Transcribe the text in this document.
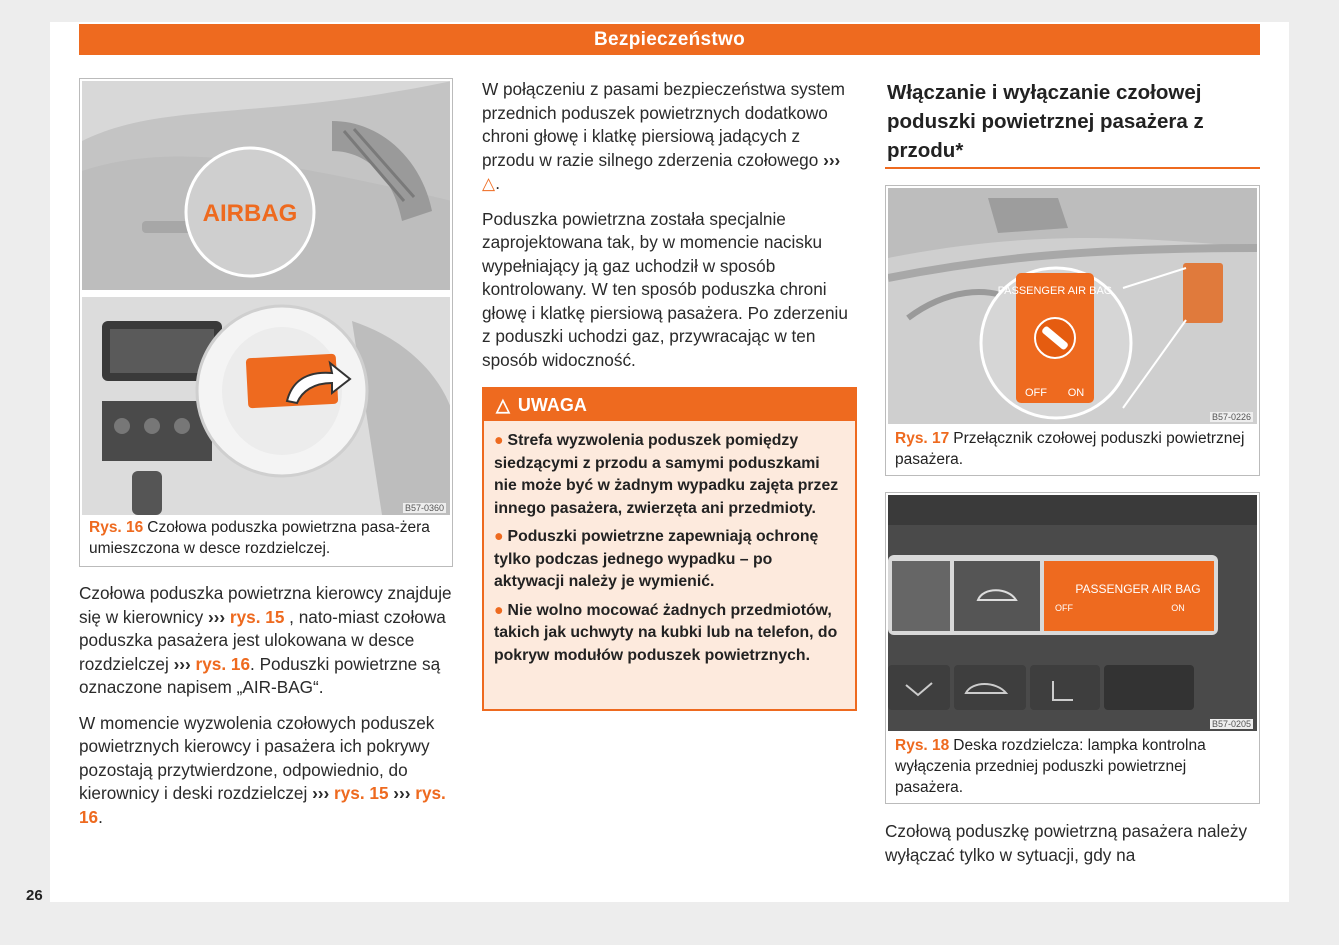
Bezpieczeństwo
AIRBAG
B57-0360
Rys. 16 Czołowa poduszka powietrzna pasa-żera umieszczona w desce rozdzielczej.

Czołowa poduszka powietrzna kierowcy znajduje się w kierownicy ››› rys. 15 , nato-miast czołowa poduszka pasażera jest ulokowana w desce rozdzielczej ››› rys. 16. Poduszki powietrzne są oznaczone napisem „AIR-BAG“.

W momencie wyzwolenia czołowych poduszek powietrznych kierowcy i pasażera ich pokrywy pozostają przytwierdzone, odpowiednio, do kierownicy i deski rozdzielczej ››› rys. 15 ››› rys. 16.

W połączeniu z pasami bezpieczeństwa system przednich poduszek powietrznych dodatkowo chroni głowę i klatkę piersiową jadących z przodu w razie silnego zderzenia czołowego ››› △.

Poduszka powietrzna została specjalnie zaprojektowana tak, by w momencie nacisku wypełniający ją gaz uchodził w sposób kontrolowany. W ten sposób poduszka chroni głowę i klatkę piersiową pasażera. Po zderzeniu z poduszki uchodzi gaz, przywracając w ten sposób widoczność.

△ UWAGA
● Strefa wyzwolenia poduszek pomiędzy siedzącymi z przodu a samymi poduszkami nie może być w żadnym wypadku zajęta przez innego pasażera, zwierzęta ani przedmioty.
● Poduszki powietrzne zapewniają ochronę tylko podczas jednego wypadku – po aktywacji należy je wymienić.
● Nie wolno mocować żadnych przedmiotów, takich jak uchwyty na kubki lub na telefon, do pokryw modułów poduszek powietrznych.
Włączanie i wyłączanie czołowej poduszki powietrznej pasażera z przodu*
PASSENGER AIR BAG
OFF ON
B57-0226
Rys. 17 Przełącznik czołowej poduszki powietrznej pasażera.
PASSENGER AIR BAG
OFF	ON
B57-0205
Rys. 18 Deska rozdzielcza: lampka kontrolna wyłączenia przedniej poduszki powietrznej pasażera.

Czołową poduszkę powietrzną pasażera należy wyłączać tylko w sytuacji, gdy na

26
